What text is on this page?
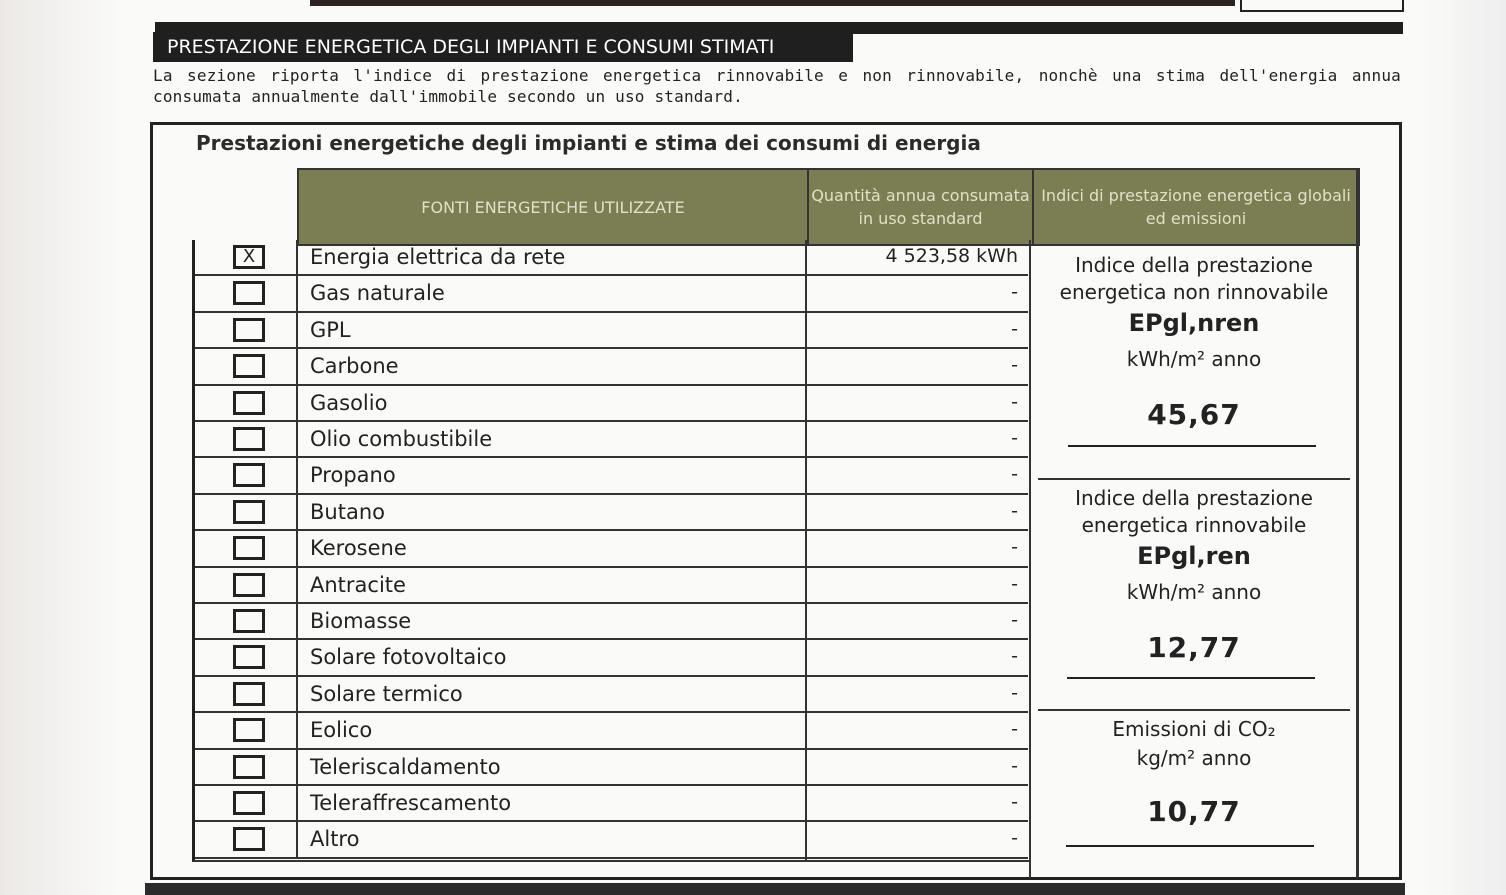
PRESTAZIONE ENERGETICA DEGLI IMPIANTI E CONSUMI STIMATI
La sezione riporta l'indice di prestazione energetica rinnovabile e non rinnovabile, nonchè una stima dell'energia annua consumata annualmente dall'immobile secondo un uso standard.
Prestazioni energetiche degli impianti e stima dei consumi di energia
FONTI ENERGETICHE UTILIZZATE
Quantità annua consumata in uso standard
Indici di prestazione energetica globali ed emissioni
X	Energia elettrica da rete	4 523,58 kWh
Gas naturale	-
GPL	-
Carbone	-
Gasolio	-
Olio combustibile	-
Propano	-
Butano	-
Kerosene	-
Antracite	-
Biomasse	-
Solare fotovoltaico	-
Solare termico	-
Eolico	-
Teleriscaldamento	-
Teleraffrescamento	-
Altro	-
Indice della prestazione energetica non rinnovabile
EPgl,nren
kWh/m² anno
45,67
Indice della prestazione energetica rinnovabile
EPgl,ren
kWh/m² anno
12,77
Emissioni di CO₂
kg/m² anno
10,77
